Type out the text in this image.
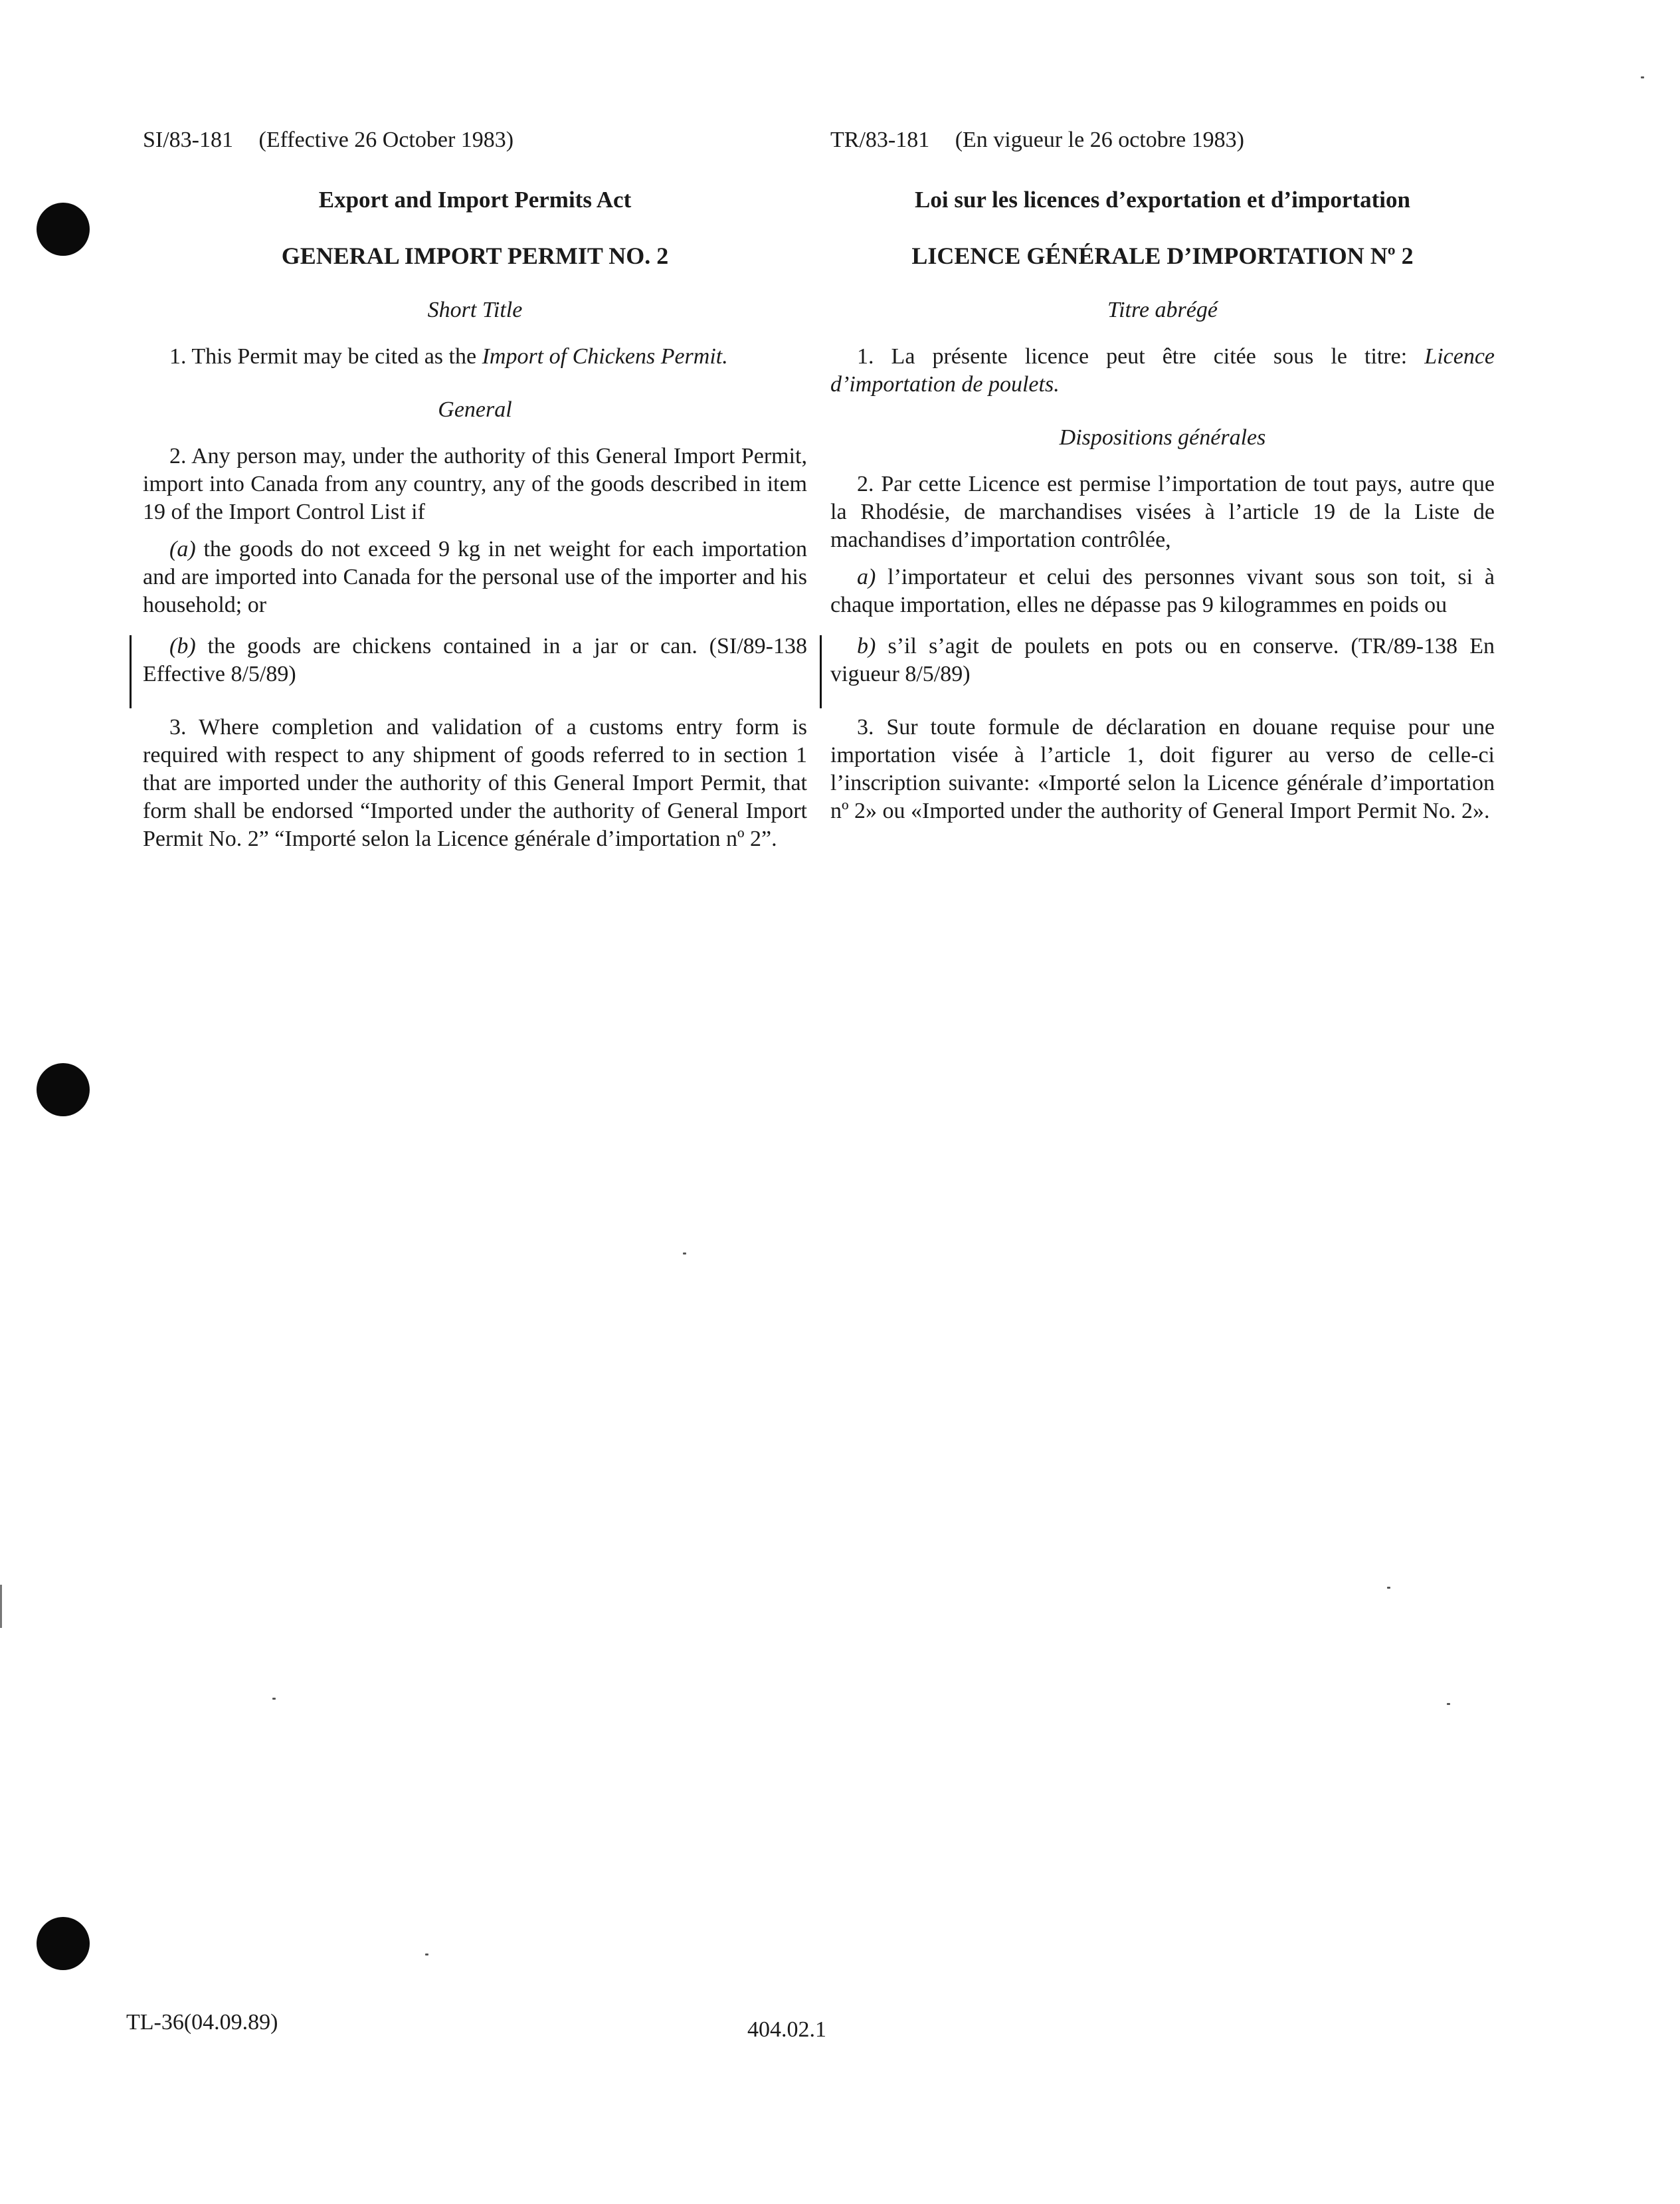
SI/83-181 (Effective 26 October 1983)
Export and Import Permits Act
GENERAL IMPORT PERMIT NO. 2
Short Title

1. This Permit may be cited as the Import of Chickens Permit.

General

2. Any person may, under the authority of this General Import Permit, import into Canada from any country, any of the goods described in item 19 of the Import Control List if

(a) the goods do not exceed 9 kg in net weight for each importation and are imported into Canada for the personal use of the importer and his household; or

(b) the goods are chickens contained in a jar or can. (SI/89-138 Effective 8/5/89)

3. Where completion and validation of a customs entry form is required with respect to any shipment of goods referred to in section 1 that are imported under the authority of this General Import Permit, that form shall be endorsed “Imported under the authority of General Import Permit No. 2” “Importé selon la Licence générale d’importation nº 2”.

TR/83-181 (En vigueur le 26 octobre 1983)
Loi sur les licences d’exportation et d’importation
LICENCE GÉNÉRALE D’IMPORTATION Nº 2
Titre abrégé

1. La présente licence peut être citée sous le titre: Licence d’importation de poulets.

Dispositions générales

2. Par cette Licence est permise l’importation de tout pays, autre que la Rhodésie, de marchandises visées à l’article 19 de la Liste de machandises d’importation contrôlée,

a) l’importateur et celui des personnes vivant sous son toit, si à chaque importation, elles ne dépasse pas 9 kilogrammes en poids ou

b) s’il s’agit de poulets en pots ou en conserve. (TR/89-138 En vigueur 8/5/89)

3. Sur toute formule de déclaration en douane requise pour une importation visée à l’article 1, doit figurer au verso de celle-ci l’inscription suivante: «Importé selon la Licence générale d’importation nº 2» ou «Imported under the authority of General Import Permit No. 2».

TL-36(04.09.89)	404.02.1
